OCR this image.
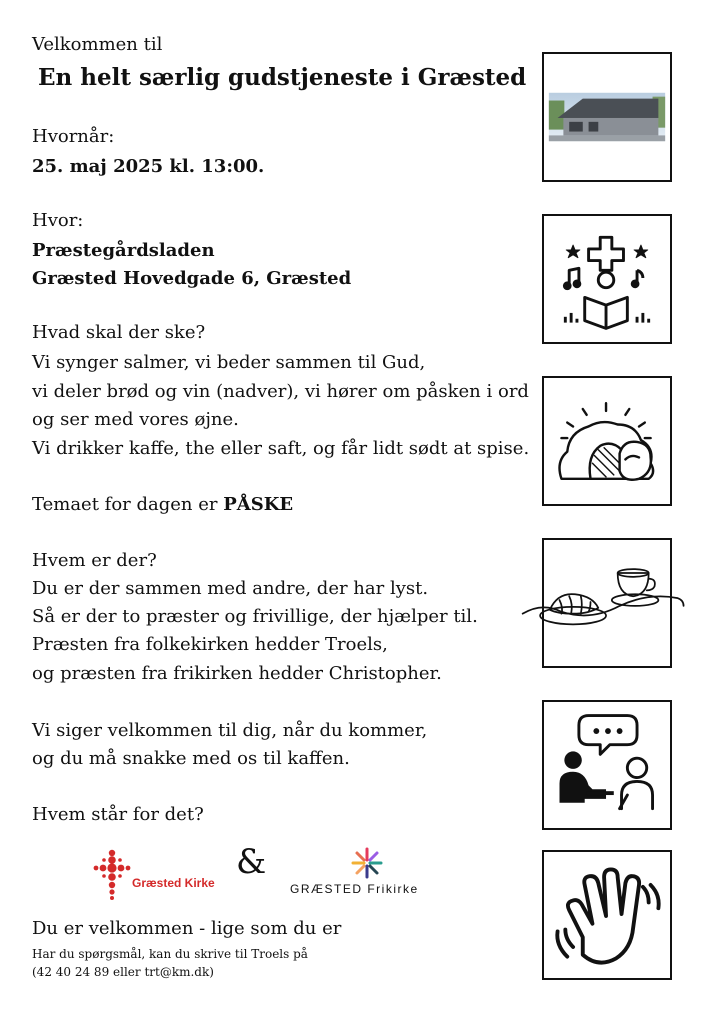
Velkommen til
En helt særlig gudstjeneste i Græsted
Hvornår:
25. maj 2025 kl. 13:00.
Hvor:
Præstegårdsladen
Græsted Hovedgade 6, Græsted
Hvad skal der ske?
Vi synger salmer, vi beder sammen til Gud,
vi deler brød og vin (nadver), vi hører om påsken i ord
og ser med vores øjne.
Vi drikker kaffe, the eller saft, og får lidt sødt at spise.
Temaet for dagen er PÅSKE
Hvem er der?
Du er der sammen med andre, der har lyst.
Så er der to præster og frivillige, der hjælper til.
Præsten fra folkekirken hedder Troels,
og præsten fra frikirken hedder Christopher.
Vi siger velkommen til dig, når du kommer,
og du må snakke med os til kaffen.
Hvem står for det?
Græsted Kirke
&
GRÆSTED Frikirke
Du er velkommen - lige som du er
Har du spørgsmål, kan du skrive til Troels på
(42 40 24 89 eller trt@km.dk)
